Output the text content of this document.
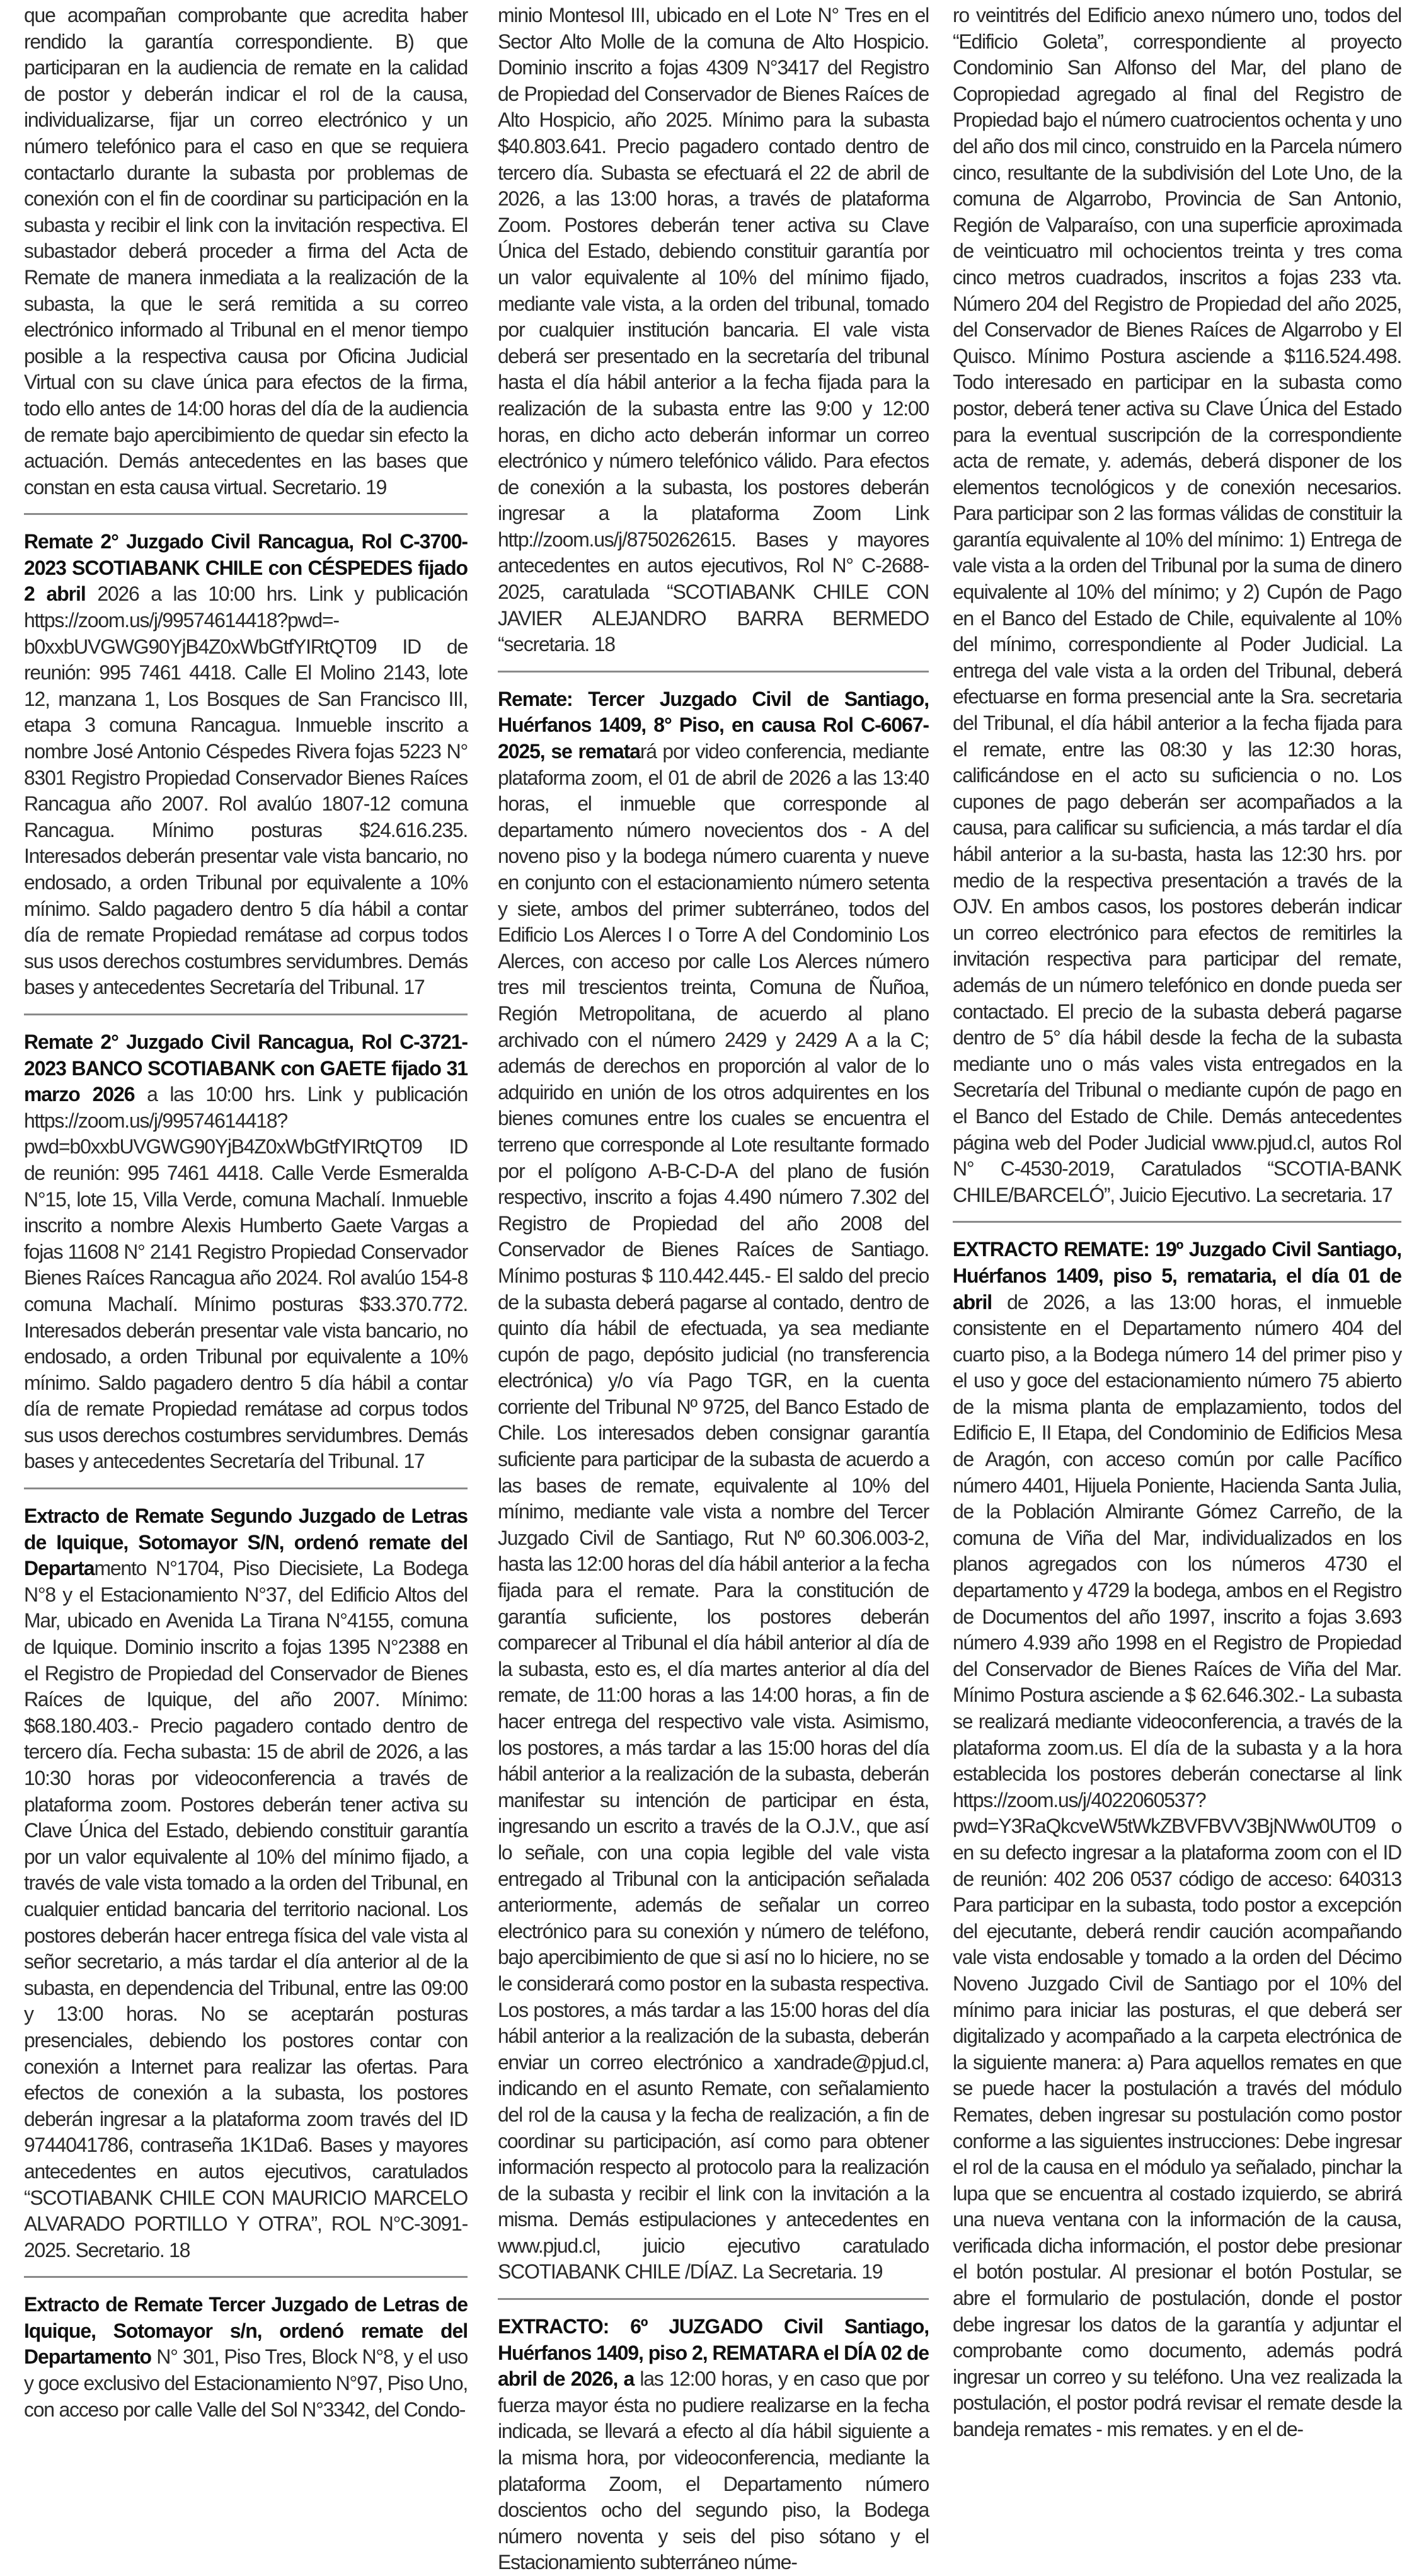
que acompañan comprobante que acredita haber rendido la garantía correspondiente. B) que participaran en la audiencia de remate en la calidad de postor y deberán indicar el rol de la causa, individualizarse, fijar un correo electrónico y un número telefónico para el caso en que se requiera contactarlo durante la subasta por problemas de conexión con el fin de coordinar su participación en la subasta y recibir el link con la invitación respectiva. El subastador deberá proceder a firma del Acta de Remate de manera inmediata a la realización de la subasta, la que le será remitida a su correo electrónico informado al Tribunal en el menor tiempo posible a la respectiva causa por Oficina Judicial Virtual con su clave única para efectos de la firma, todo ello antes de 14:00 horas del día de la audiencia de remate bajo apercibimiento de quedar sin efecto la actuación. Demás antecedentes en las bases que constan en esta causa virtual. Secretario. 19

Remate 2° Juzgado Civil Rancagua, Rol C-3700-2023 SCOTIABANK CHILE con CÉSPEDES fijado 2 abril 2026 a las 10:00 hrs. Link y publicación https://zoom.us/j/99574614418?pwd=-b0xxbUVGWG90YjB4Z0xWbGtfYIRtQT09 ID de reunión: 995 7461 4418. Calle El Molino 2143, lote 12, manzana 1, Los Bosques de San Francisco III, etapa 3 comuna Rancagua. Inmueble inscrito a nombre José Antonio Céspedes Rivera fojas 5223 N° 8301 Registro Propiedad Conservador Bienes Raíces Rancagua año 2007. Rol avalúo 1807-12 comuna Rancagua. Mínimo posturas $24.616.235. Interesados deberán presentar vale vista bancario, no endosado, a orden Tribunal por equivalente a 10% mínimo. Saldo pagadero dentro 5 día hábil a contar día de remate Propiedad remátase ad corpus todos sus usos derechos costumbres servidumbres. Demás bases y antecedentes Secretaría del Tribunal. 17

Remate 2° Juzgado Civil Rancagua, Rol C-3721-2023 BANCO SCOTIABANK con GAETE fijado 31 marzo 2026 a las 10:00 hrs. Link y publicación https://zoom.us/j/99574614418?pwd=b0xxbUVGWG90YjB4Z0xWbGtfYIRtQT09 ID de reunión: 995 7461 4418. Calle Verde Esmeralda N°15, lote 15, Villa Verde, comuna Machalí. Inmueble inscrito a nombre Alexis Humberto Gaete Vargas a fojas 11608 N° 2141 Registro Propiedad Conservador Bienes Raíces Rancagua año 2024. Rol avalúo 154-8 comuna Machalí. Mínimo posturas $33.370.772. Interesados deberán presentar vale vista bancario, no endosado, a orden Tribunal por equivalente a 10% mínimo. Saldo pagadero dentro 5 día hábil a contar día de remate Propiedad remátase ad corpus todos sus usos derechos costumbres servidumbres. Demás bases y antecedentes Secretaría del Tribunal. 17

Extracto de Remate Segundo Juzgado de Letras de Iquique, Sotomayor S/N, ordenó remate del Departamento N°1704, Piso Diecisiete, La Bodega N°8 y el Estacionamiento N°37, del Edificio Altos del Mar, ubicado en Avenida La Tirana N°4155, comuna de Iquique. Dominio inscrito a fojas 1395 N°2388 en el Registro de Propiedad del Conservador de Bienes Raíces de Iquique, del año 2007. Mínimo: $68.180.403.- Precio pagadero contado dentro de tercero día. Fecha subasta: 15 de abril de 2026, a las 10:30 horas por videoconferencia a través de plataforma zoom. Postores deberán tener activa su Clave Única del Estado, debiendo constituir garantía por un valor equivalente al 10% del mínimo fijado, a través de vale vista tomado a la orden del Tribunal, en cualquier entidad bancaria del territorio nacional. Los postores deberán hacer entrega física del vale vista al señor secretario, a más tardar el día anterior al de la subasta, en dependencia del Tribunal, entre las 09:00 y 13:00 horas. No se aceptarán posturas presenciales, debiendo los postores contar con conexión a Internet para realizar las ofertas. Para efectos de conexión a la subasta, los postores deberán ingresar a la plataforma zoom través del ID 9744041786, contraseña 1K1Da6. Bases y mayores antecedentes en autos ejecutivos, caratulados “SCOTIABANK CHILE CON MAURICIO MARCELO ALVARADO PORTILLO Y OTRA”, ROL N°C-3091-2025. Secretario. 18

Extracto de Remate Tercer Juzgado de Letras de Iquique, Sotomayor s/n, ordenó remate del Departamento N° 301, Piso Tres, Block N°8, y el uso y goce exclusivo del Estacionamiento N°97, Piso Uno, con acceso por calle Valle del Sol N°3342, del Condo-

minio Montesol III, ubicado en el Lote N° Tres en el Sector Alto Molle de la comuna de Alto Hospicio. Dominio inscrito a fojas 4309 N°3417 del Registro de Propiedad del Conservador de Bienes Raíces de Alto Hospicio, año 2025. Mínimo para la subasta $40.803.641. Precio pagadero contado dentro de tercero día. Subasta se efectuará el 22 de abril de 2026, a las 13:00 horas, a través de plataforma Zoom. Postores deberán tener activa su Clave Única del Estado, debiendo constituir garantía por un valor equivalente al 10% del mínimo fijado, mediante vale vista, a la orden del tribunal, tomado por cualquier institución bancaria. El vale vista deberá ser presentado en la secretaría del tribunal hasta el día hábil anterior a la fecha fijada para la realización de la subasta entre las 9:00 y 12:00 horas, en dicho acto deberán informar un correo electrónico y número telefónico válido. Para efectos de conexión a la subasta, los postores deberán ingresar a la plataforma Zoom Link http://zoom.us/j/8750262615. Bases y mayores antecedentes en autos ejecutivos, Rol N° C-2688-2025, caratulada “SCOTIABANK CHILE CON JAVIER ALEJANDRO BARRA BERMEDO “secretaria. 18

Remate: Tercer Juzgado Civil de Santiago, Huérfanos 1409, 8° Piso, en causa Rol C-6067-2025, se rematará por video conferencia, mediante plataforma zoom, el 01 de abril de 2026 a las 13:40 horas, el inmueble que corresponde al departamento número novecientos dos - A del noveno piso y la bodega número cuarenta y nueve en conjunto con el estacionamiento número setenta y siete, ambos del primer subterráneo, todos del Edificio Los Alerces I o Torre A del Condominio Los Alerces, con acceso por calle Los Alerces número tres mil trescientos treinta, Comuna de Ñuñoa, Región Metropolitana, de acuerdo al plano archivado con el número 2429 y 2429 A a la C; además de derechos en proporción al valor de lo adquirido en unión de los otros adquirentes en los bienes comunes entre los cuales se encuentra el terreno que corresponde al Lote resultante formado por el polígono A-B-C-D-A del plano de fusión respectivo, inscrito a fojas 4.490 número 7.302 del Registro de Propiedad del año 2008 del Conservador de Bienes Raíces de Santiago. Mínimo posturas $ 110.442.445.- El saldo del precio de la subasta deberá pagarse al contado, dentro de quinto día hábil de efectuada, ya sea mediante cupón de pago, depósito judicial (no transferencia electrónica) y/o vía Pago TGR, en la cuenta corriente del Tribunal Nº 9725, del Banco Estado de Chile. Los interesados deben consignar garantía suficiente para participar de la subasta de acuerdo a las bases de remate, equivalente al 10% del mínimo, mediante vale vista a nombre del Tercer Juzgado Civil de Santiago, Rut Nº 60.306.003-2, hasta las 12:00 horas del día hábil anterior a la fecha fijada para el remate. Para la constitución de garantía suficiente, los postores deberán comparecer al Tribunal el día hábil anterior al día de la subasta, esto es, el día martes anterior al día del remate, de 11:00 horas a las 14:00 horas, a fin de hacer entrega del respectivo vale vista. Asimismo, los postores, a más tardar a las 15:00 horas del día hábil anterior a la realización de la subasta, deberán manifestar su intención de participar en ésta, ingresando un escrito a través de la O.J.V., que así lo señale, con una copia legible del vale vista entregado al Tribunal con la anticipación señalada anteriormente, además de señalar un correo electrónico para su conexión y número de teléfono, bajo apercibimiento de que si así no lo hiciere, no se le considerará como postor en la subasta respectiva. Los postores, a más tardar a las 15:00 horas del día hábil anterior a la realización de la subasta, deberán enviar un correo electrónico a xandrade@pjud.cl, indicando en el asunto Remate, con señalamiento del rol de la causa y la fecha de realización, a fin de coordinar su participación, así como para obtener información respecto al protocolo para la realización de la subasta y recibir el link con la invitación a la misma. Demás estipulaciones y antecedentes en www.pjud.cl, juicio ejecutivo caratulado SCOTIABANK CHILE /DÍAZ. La Secretaria. 19

EXTRACTO: 6º JUZGADO Civil Santiago, Huérfanos 1409, piso 2, REMATARA el DÍA 02 de abril de 2026, a las 12:00 horas, y en caso que por fuerza mayor ésta no pudiere realizarse en la fecha indicada, se llevará a efecto al día hábil siguiente a la misma hora, por videoconferencia, mediante la plataforma Zoom, el Departamento número doscientos ocho del segundo piso, la Bodega número noventa y seis del piso sótano y el Estacionamiento subterráneo núme-

ro veintitrés del Edificio anexo número uno, todos del “Edificio Goleta”, correspondiente al proyecto Condominio San Alfonso del Mar, del plano de Copropiedad agregado al final del Registro de Propiedad bajo el número cuatrocientos ochenta y uno del año dos mil cinco, construido en la Parcela número cinco, resultante de la subdivisión del Lote Uno, de la comuna de Algarrobo, Provincia de San Antonio, Región de Valparaíso, con una superficie aproximada de veinticuatro mil ochocientos treinta y tres coma cinco metros cuadrados, inscritos a fojas 233 vta. Número 204 del Registro de Propiedad del año 2025, del Conservador de Bienes Raíces de Algarrobo y El Quisco. Mínimo Postura asciende a $116.524.498. Todo interesado en participar en la subasta como postor, deberá tener activa su Clave Única del Estado para la eventual suscripción de la correspondiente acta de remate, y. además, deberá disponer de los elementos tecnológicos y de conexión necesarios. Para participar son 2 las formas válidas de constituir la garantía equivalente al 10% del mínimo: 1) Entrega de vale vista a la orden del Tribunal por la suma de dinero equivalente al 10% del mínimo; y 2) Cupón de Pago en el Banco del Estado de Chile, equivalente al 10% del mínimo, correspondiente al Poder Judicial. La entrega del vale vista a la orden del Tribunal, deberá efectuarse en forma presencial ante la Sra. secretaria del Tribunal, el día hábil anterior a la fecha fijada para el remate, entre las 08:30 y las 12:30 horas, calificándose en el acto su suficiencia o no. Los cupones de pago deberán ser acompañados a la causa, para calificar su suficiencia, a más tardar el día hábil anterior a la su-basta, hasta las 12:30 hrs. por medio de la respectiva presentación a través de la OJV. En ambos casos, los postores deberán indicar un correo electrónico para efectos de remitirles la invitación respectiva para participar del remate, además de un número telefónico en donde pueda ser contactado. El precio de la subasta deberá pagarse dentro de 5° día hábil desde la fecha de la subasta mediante uno o más vales vista entregados en la Secretaría del Tribunal o mediante cupón de pago en el Banco del Estado de Chile. Demás antecedentes página web del Poder Judicial www.pjud.cl, autos Rol N° C-4530-2019, Caratulados “SCOTIA-BANK CHILE/BARCELÓ”, Juicio Ejecutivo. La secretaria. 17

EXTRACTO REMATE: 19º Juzgado Civil Santiago, Huérfanos 1409, piso 5, remataria, el día 01 de abril de 2026, a las 13:00 horas, el inmueble consistente en el Departamento número 404 del cuarto piso, a la Bodega número 14 del primer piso y el uso y goce del estacionamiento número 75 abierto de la misma planta de emplazamiento, todos del Edificio E, II Etapa, del Condominio de Edificios Mesa de Aragón, con acceso común por calle Pacífico número 4401, Hijuela Poniente, Hacienda Santa Julia, de la Población Almirante Gómez Carreño, de la comuna de Viña del Mar, individualizados en los planos agregados con los números 4730 el departamento y 4729 la bodega, ambos en el Registro de Documentos del año 1997, inscrito a fojas 3.693 número 4.939 año 1998 en el Registro de Propiedad del Conservador de Bienes Raíces de Viña del Mar. Mínimo Postura asciende a $ 62.646.302.- La subasta se realizará mediante videoconferencia, a través de la plataforma zoom.us. El día de la subasta y a la hora establecida los postores deberán conectarse al link https://zoom.us/j/4022060537?pwd=Y3RaQkcveW5tWkZBVFBVV3BjNWw0UT09 o en su defecto ingresar a la plataforma zoom con el ID de reunión: 402 206 0537 código de acceso: 640313 Para participar en la subasta, todo postor a excepción del ejecutante, deberá rendir caución acompañando vale vista endosable y tomado a la orden del Décimo Noveno Juzgado Civil de Santiago por el 10% del mínimo para iniciar las posturas, el que deberá ser digitalizado y acompañado a la carpeta electrónica de la siguiente manera: a) Para aquellos remates en que se puede hacer la postulación a través del módulo Remates, deben ingresar su postulación como postor conforme a las siguientes instrucciones: Debe ingresar el rol de la causa en el módulo ya señalado, pinchar la lupa que se encuentra al costado izquierdo, se abrirá una nueva ventana con la información de la causa, verificada dicha información, el postor debe presionar el botón postular. Al presionar el botón Postular, se abre el formulario de postulación, donde el postor debe ingresar los datos de la garantía y adjuntar el comprobante como documento, además podrá ingresar un correo y su teléfono. Una vez realizada la postulación, el postor podrá revisar el remate desde la bandeja remates - mis remates. y en el de-
